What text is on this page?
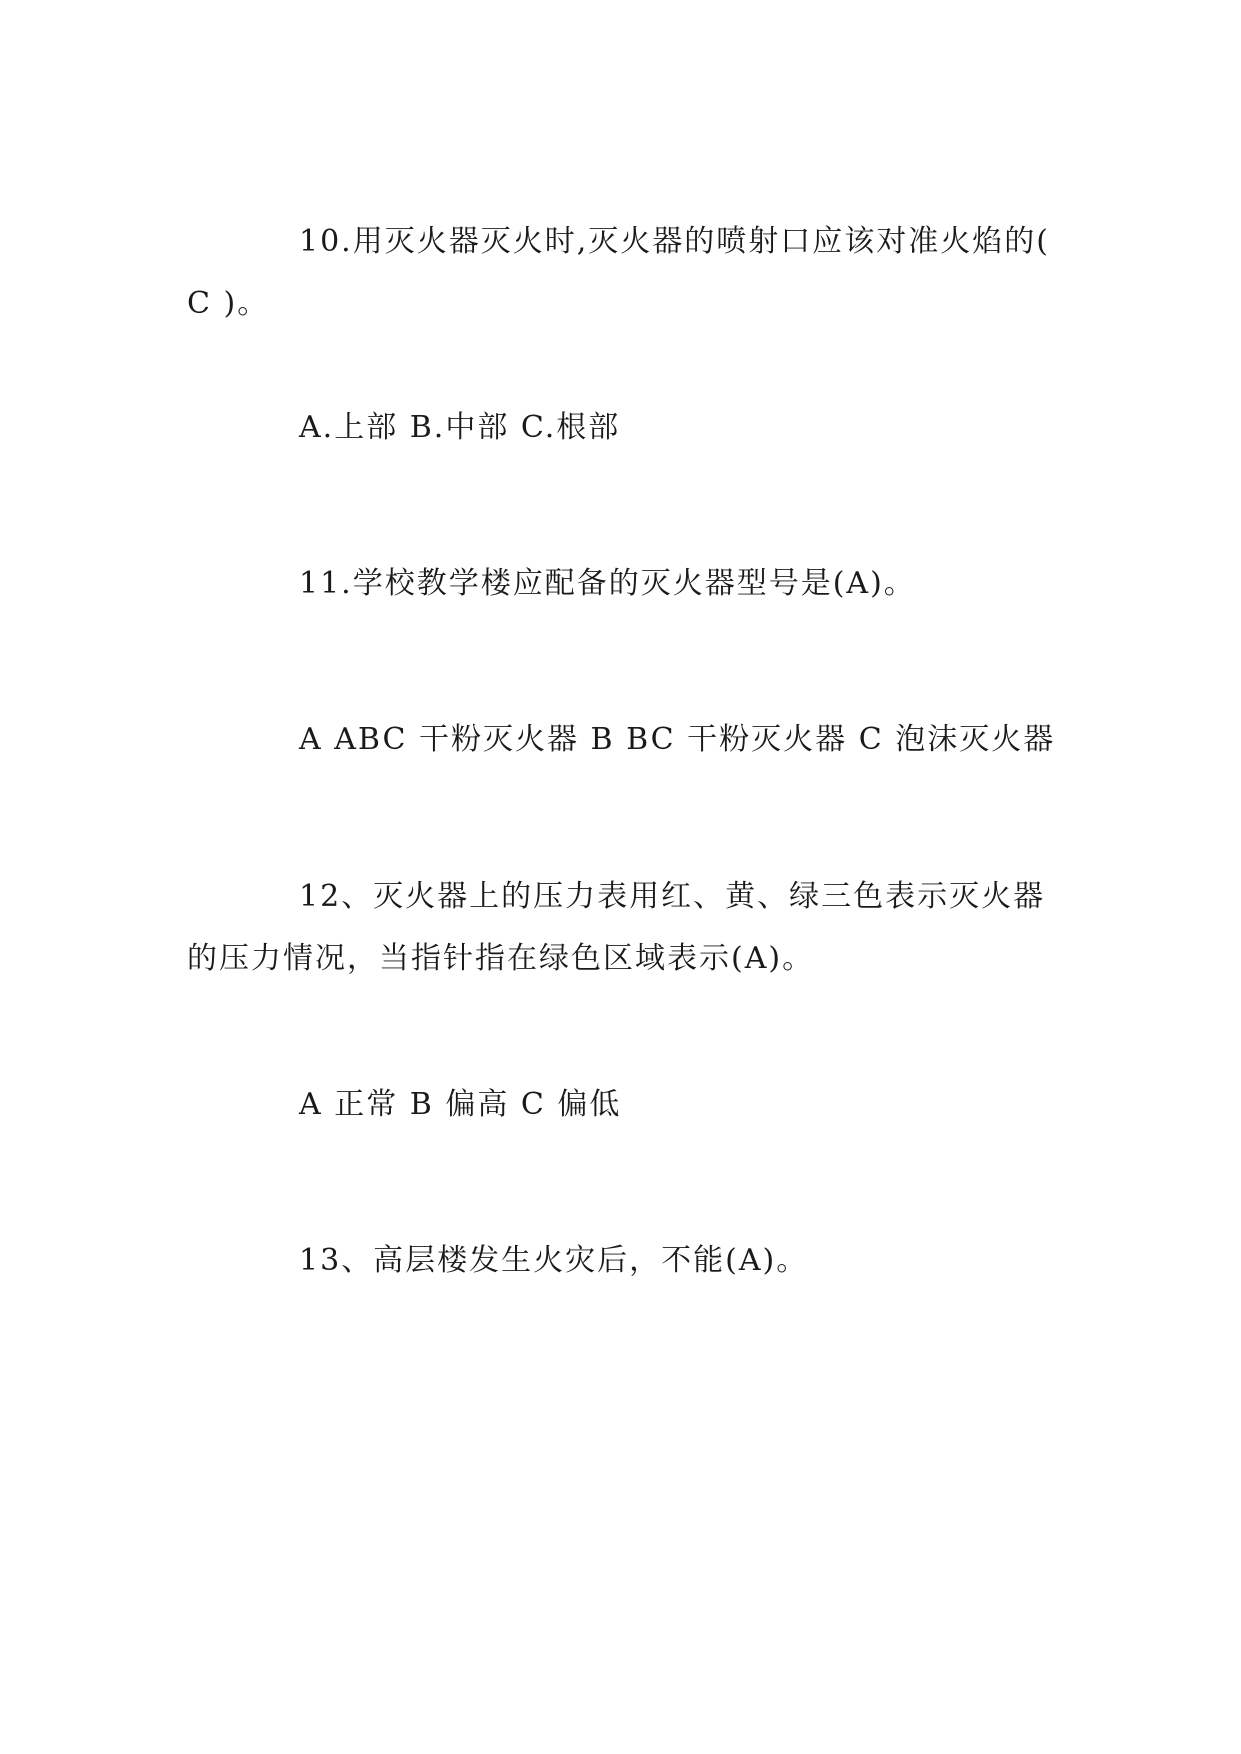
10.用灭火器灭火时,灭火器的喷射口应该对准火焰的( C )。

A.上部 B.中部 C.根部

11.学校教学楼应配备的灭火器型号是(A)。

A ABC 干粉灭火器 B BC 干粉灭火器 C 泡沫灭火器

12、灭火器上的压力表用红、黄、绿三色表示灭火器的压力情况，当指针指在绿色区域表示(A)。

A 正常 B 偏高 C 偏低

13、高层楼发生火灾后，不能(A)。
